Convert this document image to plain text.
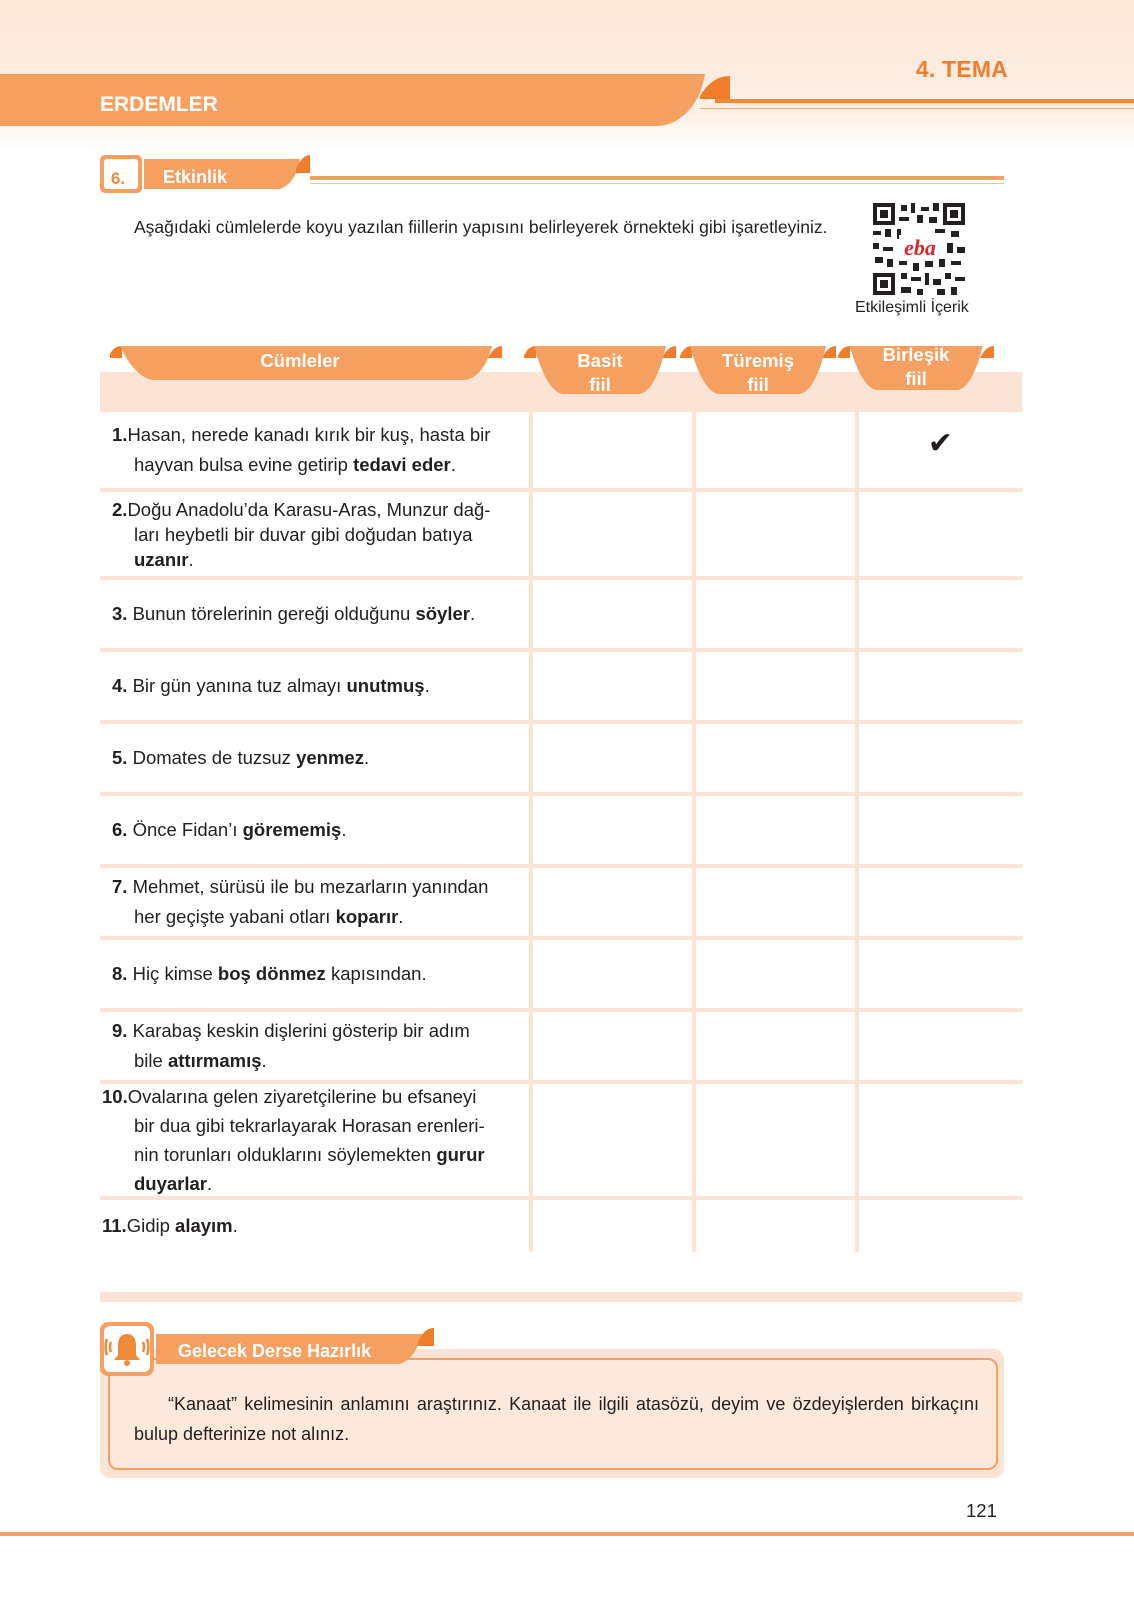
4. TEMA
ERDEMLER
6.	Etkinlik
Aşağıdaki cümlelerde koyu yazılan fiillerin yapısını belirleyerek örnekteki gibi işaretleyiniz.
eba
Etkileşimli İçerik
Cümleler	Basit
fiil
Türemiş
fiil
Birleşik
fiil
1.Hasan, nerede kanadı kırık bir kuş, hasta bir
hayvan bulsa evine getirip tedavi eder.
✔
2.Doğu Anadolu’da Karasu-Aras, Munzur dağ-
ları heybetli bir duvar gibi doğudan batıya
uzanır.
3. Bunun törelerinin gereği olduğunu söyler.
4. Bir gün yanına tuz almayı unutmuş.
5. Domates de tuzsuz yenmez.
6. Önce Fidan’ı görememiş.
7. Mehmet, sürüsü ile bu mezarların yanından
her geçişte yabani otları koparır.
8. Hiç kimse boş dönmez kapısından.
9. Karabaş keskin dişlerini gösterip bir adım
bile attırmamış.
10.Ovalarına gelen ziyaretçilerine bu efsaneyi
bir dua gibi tekrarlayarak Horasan erenleri-
nin torunları olduklarını söylemekten gurur
duyarlar.
11.Gidip alayım.
Gelecek Derse Hazırlık
“Kanaat” kelimesinin anlamını araştırınız. Kanaat ile ilgili atasözü, deyim ve özdeyişlerden birkaçını bulup defterinize not alınız.
121
